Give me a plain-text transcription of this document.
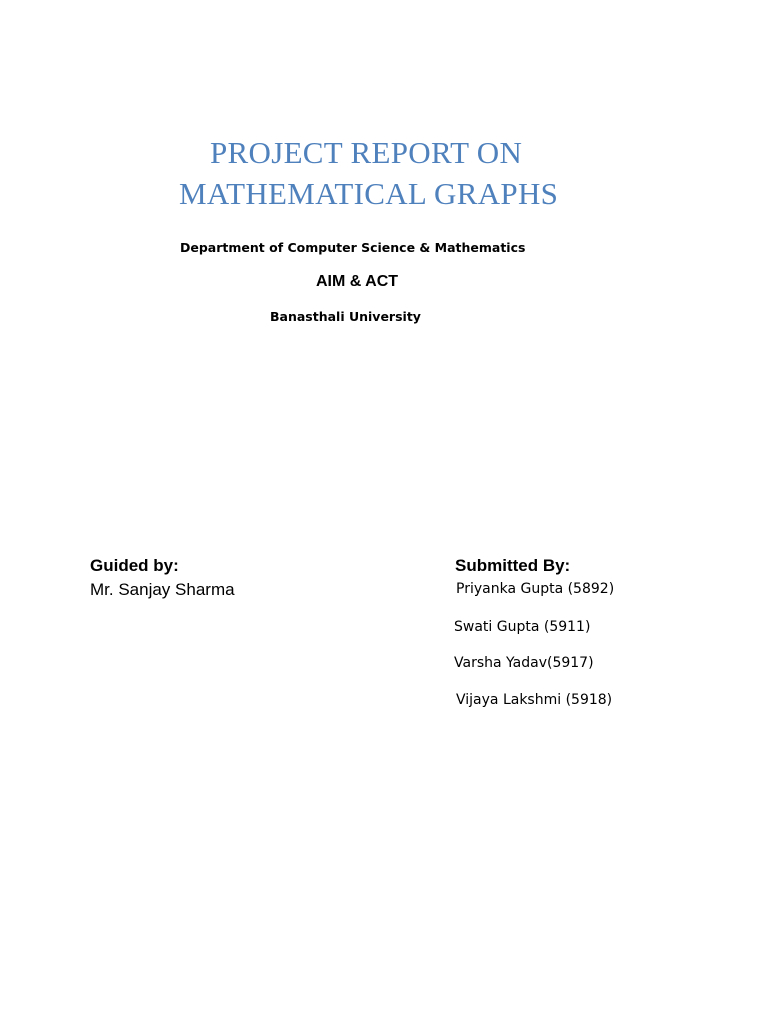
PROJECT REPORT ON
MATHEMATICAL GRAPHS
Department of Computer Science & Mathematics
AIM & ACT
Banasthali University
Guided by:
Mr. Sanjay Sharma
Submitted By:
Priyanka Gupta (5892)
Swati Gupta (5911)
Varsha Yadav(5917)
Vijaya Lakshmi (5918)
